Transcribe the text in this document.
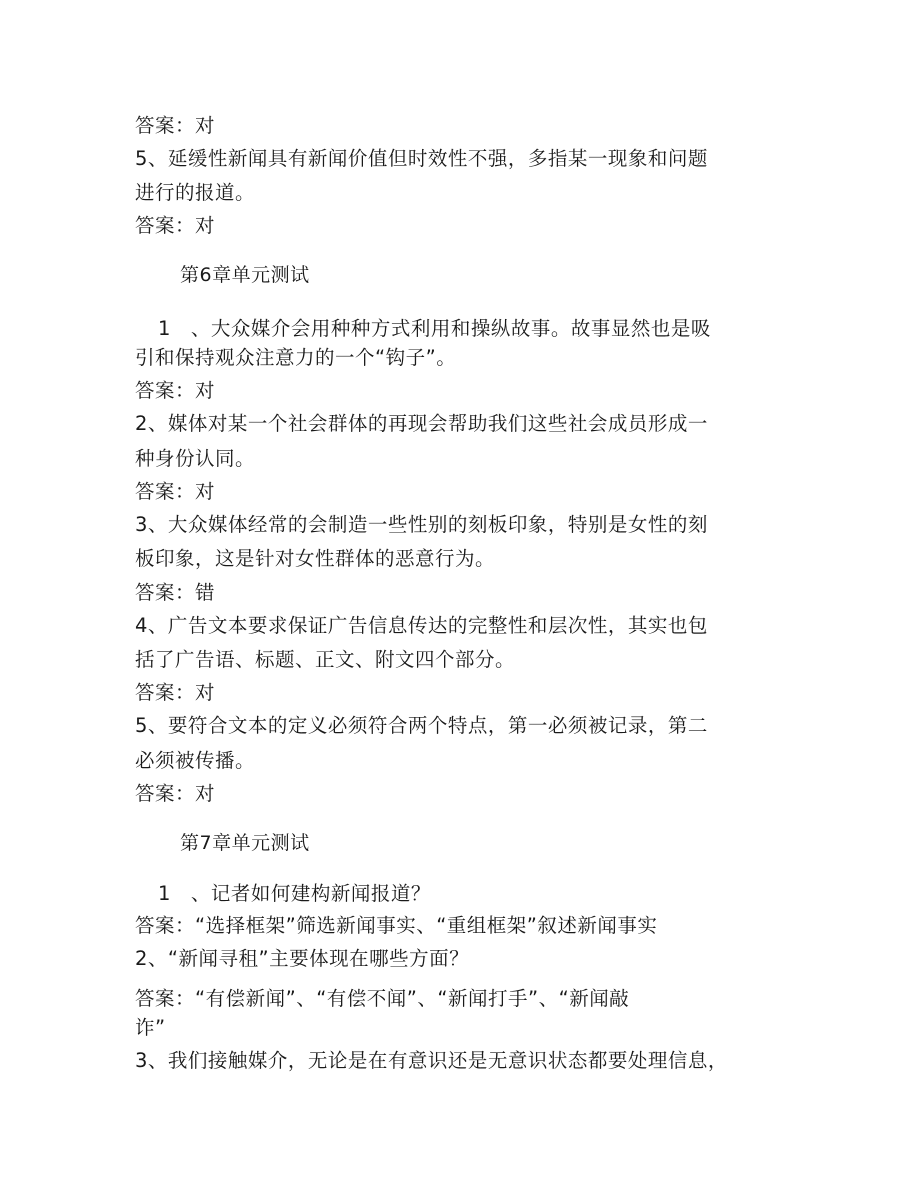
答案：对
5、延缓性新闻具有新闻价值但时效性不强，多指某一现象和问题
进行的报道。
答案：对
第6章单元测试
1　、大众媒介会用种种方式利用和操纵故事。故事显然也是吸
引和保持观众注意力的一个“钩子”。
答案：对
2、媒体对某一个社会群体的再现会帮助我们这些社会成员形成一
种身份认同。
答案：对
3、大众媒体经常的会制造一些性别的刻板印象，特别是女性的刻
板印象，这是针对女性群体的恶意行为。
答案：错
4、广告文本要求保证广告信息传达的完整性和层次性，其实也包
括了广告语、标题、正文、附文四个部分。
答案：对
5、要符合文本的定义必须符合两个特点，第一必须被记录，第二
必须被传播。
答案：对
第7章单元测试
1　、记者如何建构新闻报道？
答案：“选择框架”筛选新闻事实、“重组框架”叙述新闻事实
2、“新闻寻租”主要体现在哪些方面？
答案：“有偿新闻”、“有偿不闻”、“新闻打手”、“新闻敲
诈”
3、我们接触媒介，无论是在有意识还是无意识状态都要处理信息，
